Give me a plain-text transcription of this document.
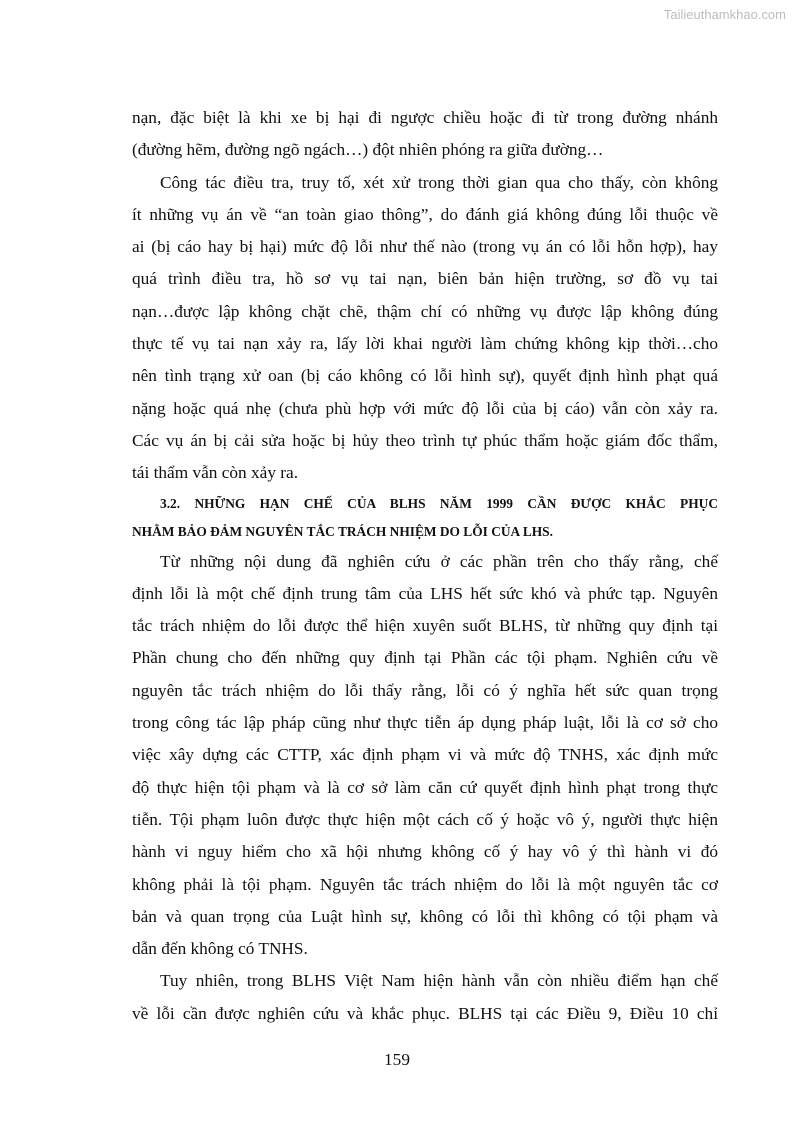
Tailieuthamkhao.com
nạn, đặc biệt là khi xe bị hại đi ngược chiều hoặc đi từ trong đường nhánh
(đường hẽm, đường ngõ ngách…) đột nhiên phóng ra giữa đường…
Công tác điều tra, truy tố, xét xử trong thời gian qua cho thấy, còn không
ít những vụ án về “an toàn giao thông”, do đánh giá không đúng lỗi thuộc về
ai (bị cáo hay bị hại) mức độ lỗi như thế nào (trong vụ án có lỗi hỗn hợp), hay
quá trình điều tra, hồ sơ vụ tai nạn, biên bản hiện trường, sơ đồ vụ tai
nạn…được lập không chặt chẽ, thậm chí có những vụ được lập không đúng
thực tế vụ tai nạn xảy ra, lấy lời khai người làm chứng không kịp thời…cho
nên tình trạng xử oan (bị cáo không có lỗi hình sự), quyết định hình phạt quá
nặng hoặc quá nhẹ (chưa phù hợp với mức độ lỗi của bị cáo) vẫn còn xảy ra.
Các vụ án bị cải sửa hoặc bị hủy theo trình tự phúc thẩm hoặc giám đốc thẩm,
tái thẩm vẫn còn xảy ra.
3.2. NHỮNG HẠN CHẾ CỦA BLHS NĂM 1999 CẦN ĐƯỢC KHẮC PHỤC
NHẰM BẢO ĐẢM NGUYÊN TẮC TRÁCH NHIỆM DO LỖI CỦA LHS.
Từ những nội dung đã nghiên cứu ở các phần trên cho thấy rằng, chế
định lỗi là một chế định trung tâm của LHS hết sức khó và phức tạp. Nguyên
tắc trách nhiệm do lỗi được thể hiện xuyên suốt BLHS, từ những quy định tại
Phần chung cho đến những quy định tại Phần các tội phạm. Nghiên cứu về
nguyên tắc trách nhiệm do lỗi thấy rằng, lỗi có ý nghĩa hết sức quan trọng
trong công tác lập pháp cũng như thực tiễn áp dụng pháp luật, lỗi là cơ sở cho
việc xây dựng các CTTP, xác định phạm vi và mức độ TNHS, xác định mức
độ thực hiện tội phạm và là cơ sở làm căn cứ quyết định hình phạt trong thực
tiễn. Tội phạm luôn được thực hiện một cách cố ý hoặc vô ý, người thực hiện
hành vi nguy hiểm cho xã hội nhưng không cố ý hay vô ý thì hành vi đó
không phải là tội phạm. Nguyên tắc trách nhiệm do lỗi là một nguyên tắc cơ
bản và quan trọng của Luật hình sự, không có lỗi thì không có tội phạm và
dẫn đến không có TNHS.
Tuy nhiên, trong BLHS Việt Nam hiện hành vẫn còn nhiều điểm hạn chế
về lỗi cần được nghiên cứu và khắc phục. BLHS tại các Điều 9, Điều 10 chỉ
159
